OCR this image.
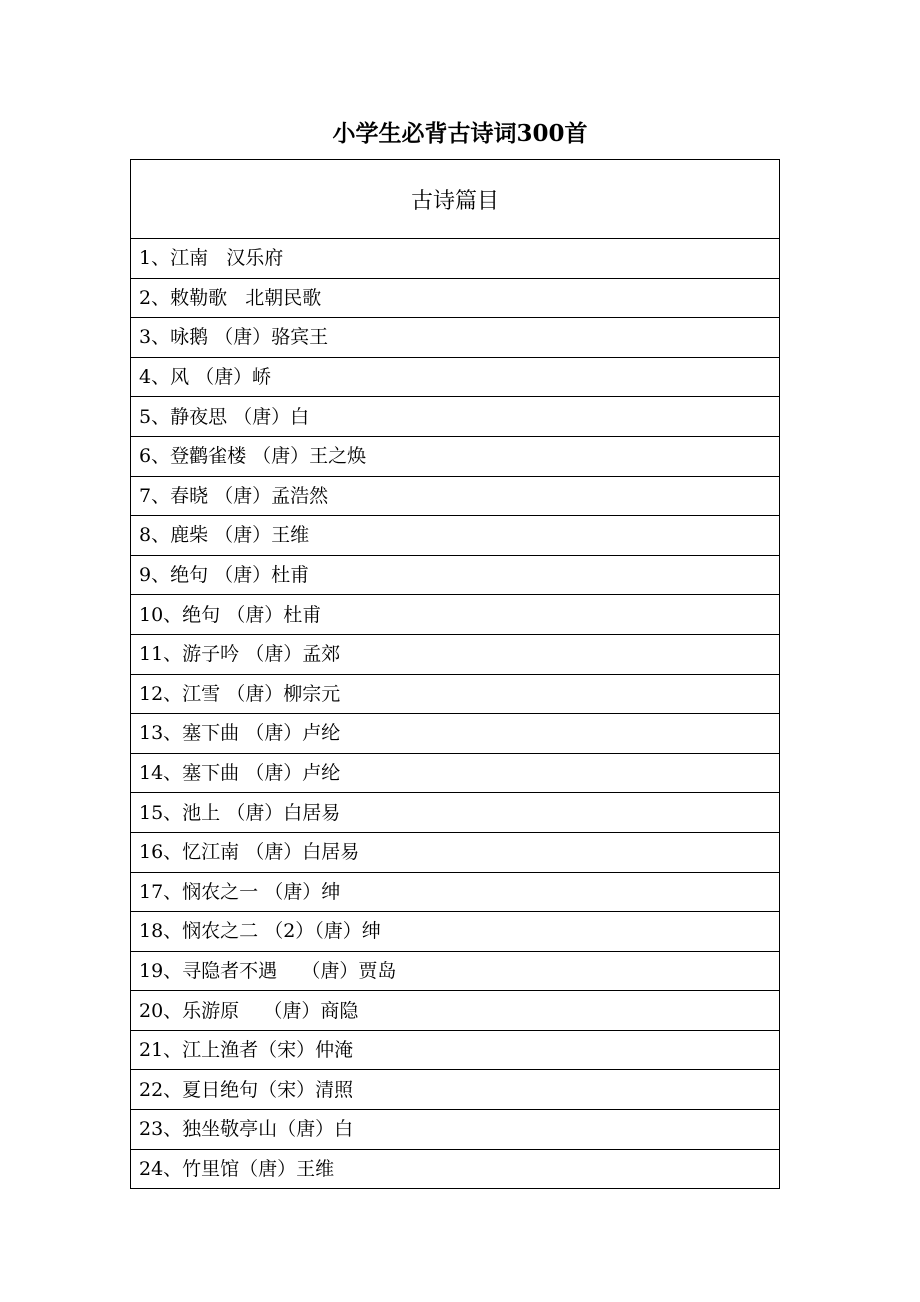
小学生必背古诗词300首
古诗篇目
1、江南   汉乐府
2、敕勒歌   北朝民歌
3、咏鹅 （唐）骆宾王
4、风 （唐）峤
5、静夜思 （唐）白
6、登鹳雀楼 （唐）王之焕
7、春晓 （唐）孟浩然
8、鹿柴 （唐）王维
9、绝句 （唐）杜甫
10、绝句 （唐）杜甫
11、游子吟 （唐）孟郊
12、江雪 （唐）柳宗元
13、塞下曲 （唐）卢纶
14、塞下曲 （唐）卢纶
15、池上 （唐）白居易
16、忆江南 （唐）白居易
17、悯农之一 （唐）绅
18、悯农之二 （2）（唐）绅
19、寻隐者不遇    （唐）贾岛
20、乐游原    （唐）商隐
21、江上渔者（宋）仲淹
22、夏日绝句（宋）清照
23、独坐敬亭山（唐）白
24、竹里馆（唐）王维
